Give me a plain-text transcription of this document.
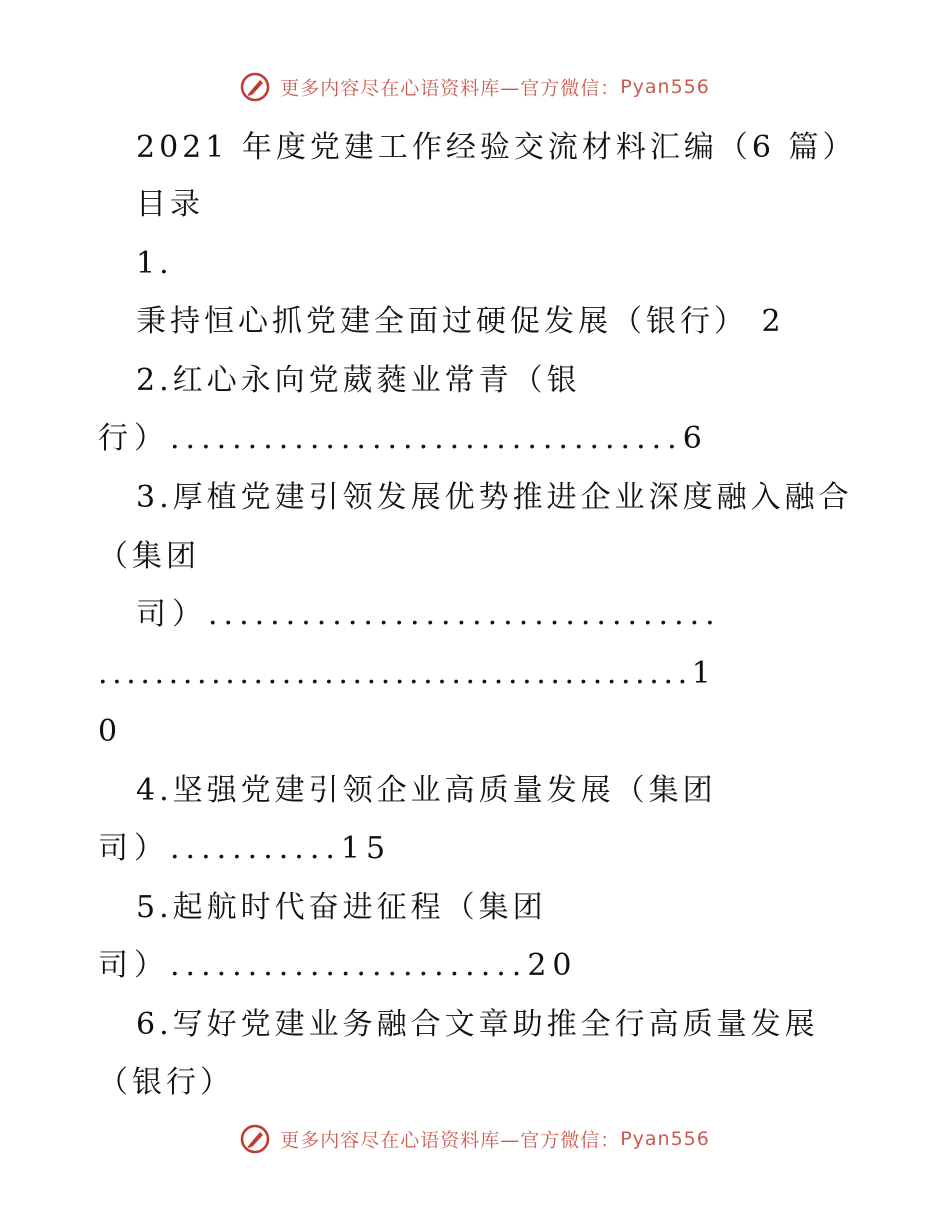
更多内容尽在心语资料库—官方微信：Pyan556
2021 年度党建工作经验交流材料汇编（6 篇）
目录
1.
秉持恒心抓党建全面过硬促发展（银行） 2
2.红心永向党葳蕤业常青（银
行）.................................6
3.厚植党建引领发展优势推进企业深度融入融合
（集团
司）.................................
..........................................1
0
4.坚强党建引领企业高质量发展（集团
司）...........15
5.起航时代奋进征程（集团
司）.......................20
6.写好党建业务融合文章助推全行高质量发展
（银行）
更多内容尽在心语资料库—官方微信：Pyan556
